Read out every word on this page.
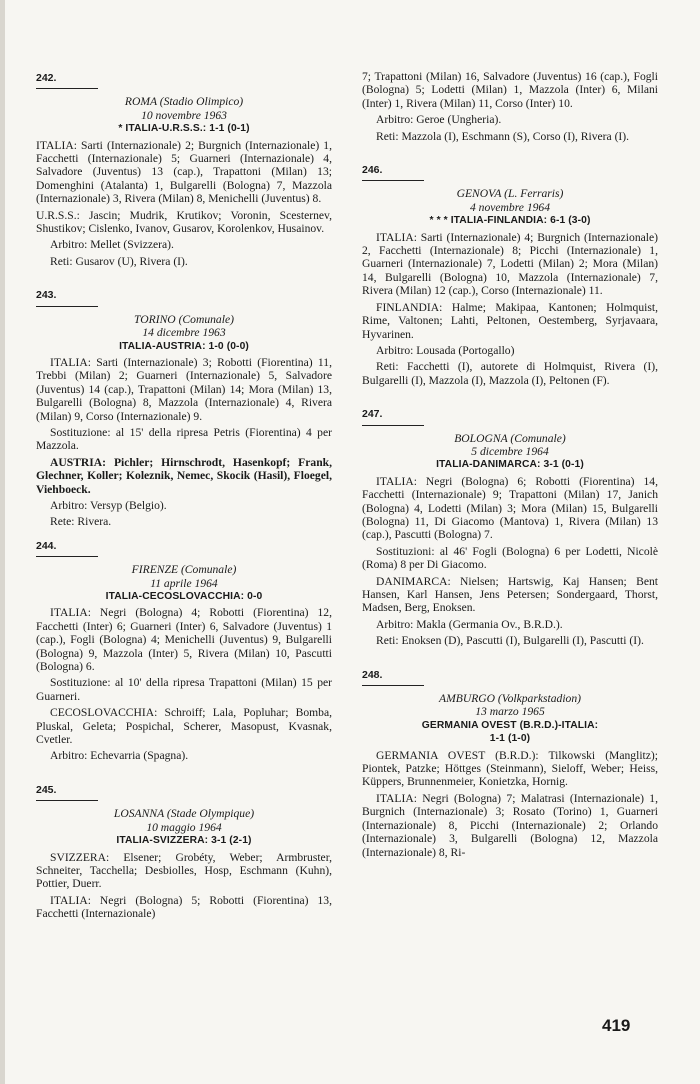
242.

ROMA (Stadio Olimpico)

10 novembre 1963

* ITALIA-U.R.S.S.: 1-1 (0-1)

ITALIA: Sarti (Internazionale) 2; Burgnich (Internazionale) 1, Facchetti (Internazionale) 5; Guarneri (Internazionale) 4, Salvadore (Juventus) 13 (cap.), Trapattoni (Milan) 13; Domenghini (Atalanta) 1, Bulgarelli (Bologna) 7, Mazzola (Internazionale) 3, Rivera (Milan) 8, Menichelli (Juventus) 8.

U.R.S.S.: Jascin; Mudrik, Krutikov; Voronin, Scesternev, Shustikov; Cislenko, Ivanov, Gusarov, Korolenkov, Husainov.

Arbitro: Mellet (Svizzera).

Reti: Gusarov (U), Rivera (I).

243.

TORINO (Comunale)

14 dicembre 1963

ITALIA-AUSTRIA: 1-0 (0-0)

ITALIA: Sarti (Internazionale) 3; Robotti (Fiorentina) 11, Trebbi (Milan) 2; Guarneri (Internazionale) 5, Salvadore (Juventus) 14 (cap.), Trapattoni (Milan) 14; Mora (Milan) 13, Bulgarelli (Bologna) 8, Mazzola (Internazionale) 4, Rivera (Milan) 9, Corso (Internazionale) 9.

Sostituzione: al 15' della ripresa Petris (Fiorentina) 4 per Mazzola.

AUSTRIA: Pichler; Hirnschrodt, Hasenkopf; Frank, Glechner, Koller; Koleznik, Nemec, Skocik (Hasil), Floegel, Viehboeck.

Arbitro: Versyp (Belgio).

Rete: Rivera.

244.

FIRENZE (Comunale)

11 aprile 1964

ITALIA-CECOSLOVACCHIA: 0-0

ITALIA: Negri (Bologna) 4; Robotti (Fiorentina) 12, Facchetti (Inter) 6; Guarneri (Inter) 6, Salvadore (Juventus) 1 (cap.), Fogli (Bologna) 4; Menichelli (Juventus) 9, Bulgarelli (Bologna) 9, Mazzola (Inter) 5, Rivera (Milan) 10, Pascutti (Bologna) 6.

Sostituzione: al 10' della ripresa Trapattoni (Milan) 15 per Guarneri.

CECOSLOVACCHIA: Schroiff; Lala, Popluhar; Bomba, Pluskal, Geleta; Pospichal, Scherer, Masopust, Kvasnak, Cvetler.

Arbitro: Echevarria (Spagna).

245.

LOSANNA (Stade Olympique)

10 maggio 1964

ITALIA-SVIZZERA: 3-1 (2-1)

SVIZZERA: Elsener; Grobéty, Weber; Armbruster, Schneiter, Tacchella; Desbiolles, Hosp, Eschmann (Kuhn), Pottier, Duerr.

ITALIA: Negri (Bologna) 5; Robotti (Fiorentina) 13, Facchetti (Internazionale)

7; Trapattoni (Milan) 16, Salvadore (Juventus) 16 (cap.), Fogli (Bologna) 5; Lodetti (Milan) 1, Mazzola (Inter) 6, Milani (Inter) 1, Rivera (Milan) 11, Corso (Inter) 10.

Arbitro: Geroe (Ungheria).

Reti: Mazzola (I), Eschmann (S), Corso (I), Rivera (I).

246.

GENOVA (L. Ferraris)

4 novembre 1964

* * * ITALIA-FINLANDIA: 6-1 (3-0)

ITALIA: Sarti (Internazionale) 4; Burgnich (Internazionale) 2, Facchetti (Internazionale) 8; Picchi (Internazionale) 1, Guarneri (Internazionale) 7, Lodetti (Milan) 2; Mora (Milan) 14, Bulgarelli (Bologna) 10, Mazzola (Internazionale) 7, Rivera (Milan) 12 (cap.), Corso (Internazionale) 11.

FINLANDIA: Halme; Makipaa, Kantonen; Holmquist, Rime, Valtonen; Lahti, Peltonen, Oestemberg, Syrjavaara, Hyvarinen.

Arbitro: Lousada (Portogallo)

Reti: Facchetti (I), autorete di Holmquist, Rivera (I), Bulgarelli (I), Mazzola (I), Mazzola (I), Peltonen (F).

247.

BOLOGNA (Comunale)

5 dicembre 1964

ITALIA-DANIMARCA: 3-1 (0-1)

ITALIA: Negri (Bologna) 6; Robotti (Fiorentina) 14, Facchetti (Internazionale) 9; Trapattoni (Milan) 17, Janich (Bologna) 4, Lodetti (Milan) 3; Mora (Milan) 15, Bulgarelli (Bologna) 11, Di Giacomo (Mantova) 1, Rivera (Milan) 13 (cap.), Pascutti (Bologna) 7.

Sostituzioni: al 46' Fogli (Bologna) 6 per Lodetti, Nicolè (Roma) 8 per Di Giacomo.

DANIMARCA: Nielsen; Hartswig, Kaj Hansen; Bent Hansen, Karl Hansen, Jens Petersen; Sondergaard, Thorst, Madsen, Berg, Enoksen.

Arbitro: Makla (Germania Ov., B.R.D.).

Reti: Enoksen (D), Pascutti (I), Bulgarelli (I), Pascutti (I).

248.

AMBURGO (Volkparkstadion)

13 marzo 1965

GERMANIA OVEST (B.R.D.)-ITALIA:

1-1 (1-0)

GERMANIA OVEST (B.R.D.): Tilkowski (Manglitz); Piontek, Patzke; Höttges (Steinmann), Sieloff, Weber; Heiss, Küppers, Brunnenmeier, Konietzka, Hornig.

ITALIA: Negri (Bologna) 7; Malatrasi (Internazionale) 1, Burgnich (Internazionale) 3; Rosato (Torino) 1, Guarneri (Internazionale) 8, Picchi (Internazionale) 2; Orlando (Internazionale) 3, Bulgarelli (Bologna) 12, Mazzola (Internazionale) 8, Ri-

419
